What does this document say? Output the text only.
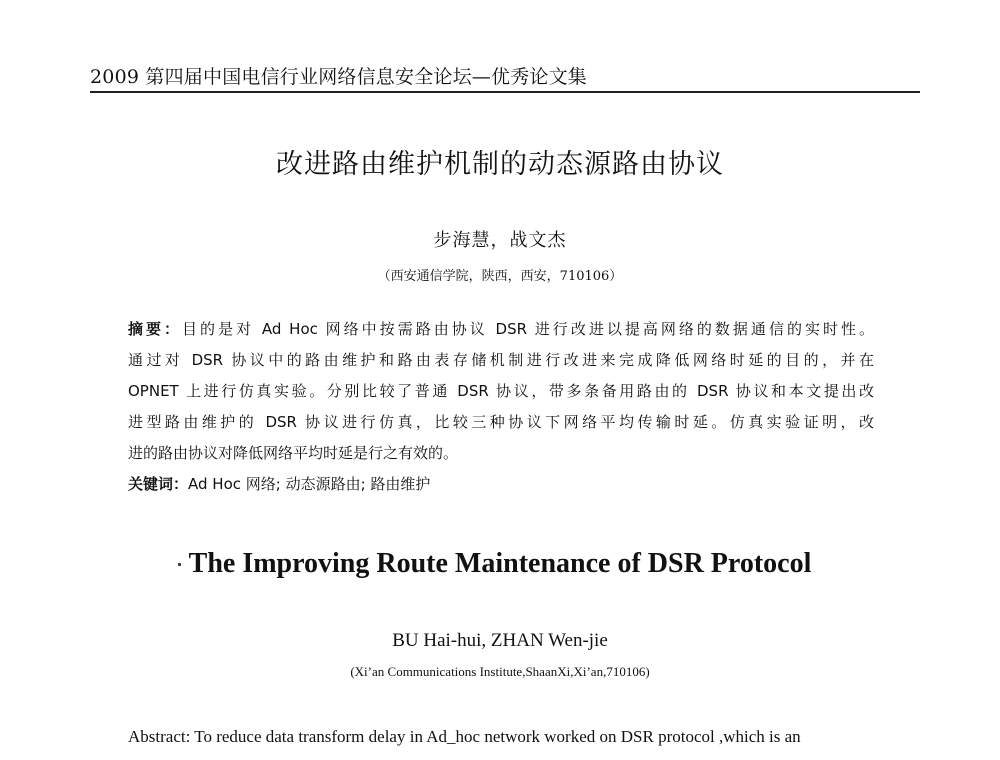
2009 第四届中国电信行业网络信息安全论坛—优秀论文集
改进路由维护机制的动态源路由协议
步海慧，战文杰
（西安通信学院，陕西，西安，710106）
摘要：目的是对 Ad Hoc 网络中按需路由协议 DSR 进行改进以提高网络的数据通信的实时性。
通过对 DSR 协议中的路由维护和路由表存储机制进行改进来完成降低网络时延的目的，并在
OPNET 上进行仿真实验。分别比较了普通 DSR 协议，带多条备用路由的 DSR 协议和本文提出改
进型路由维护的 DSR 协议进行仿真，比较三种协议下网络平均传输时延。仿真实验证明，改
进的路由协议对降低网络平均时延是行之有效的。
关键词：Ad Hoc 网络; 动态源路由; 路由维护
The Improving Route Maintenance of DSR Protocol
BU Hai-hui, ZHAN Wen-jie
(Xi’an Communications Institute,ShaanXi,Xi’an,710106)
Abstract: To reduce data transform delay in Ad_hoc network worked on DSR protocol ,which is an
